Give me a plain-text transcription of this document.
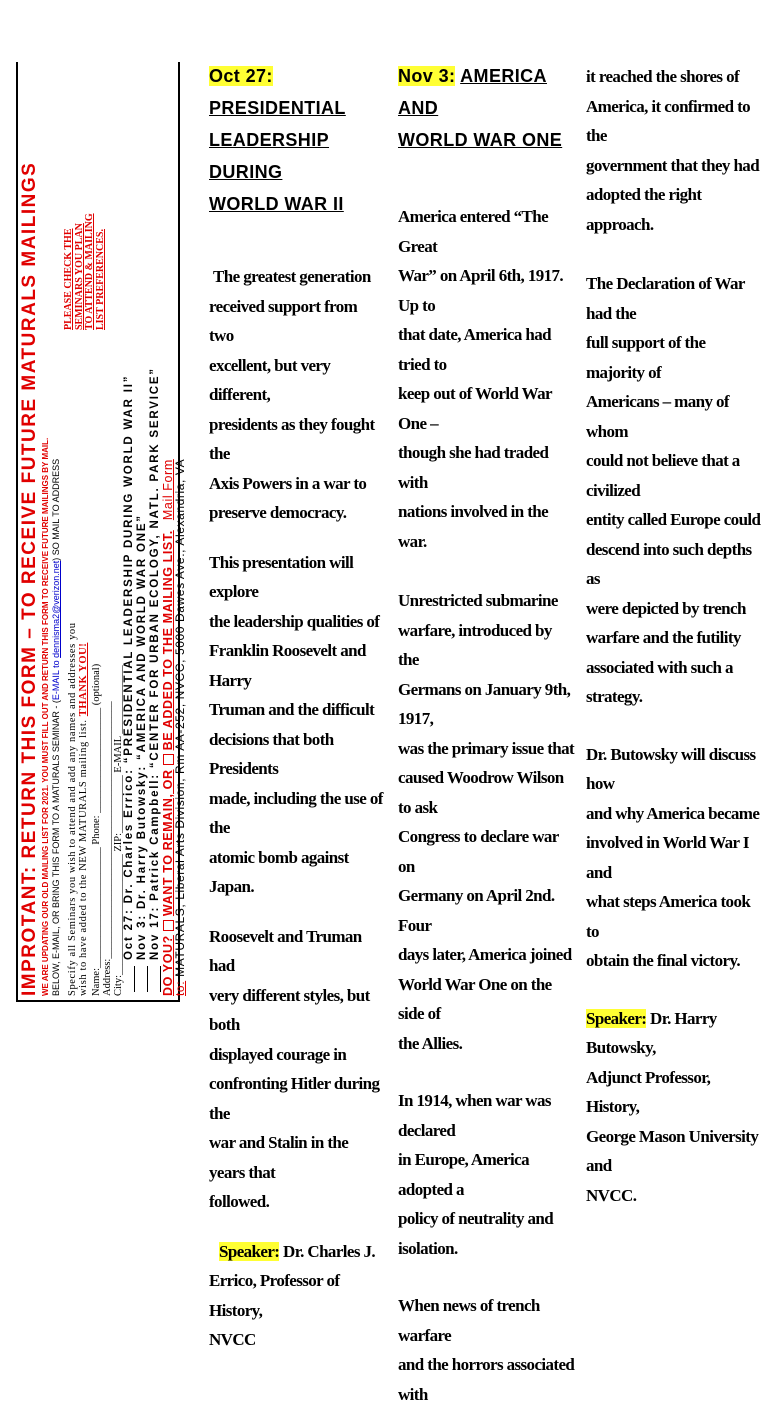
IMPROTANT: RETURN THIS FORM – TO RECEIVE FUTURE MATURALS MAILINGS WE ARE UPDATING OUR OLD MAILING LIST FOR 2021. YOU MUST FILL OUT AND RETURN THIS FORM TO RECEIVE FUTURE MAILINGS BY MAIL. BELOW, E-MAIL, OR BRING THIS FORM TO A MATURALS SEMINAR - (E-MAIL to dennisma2@verizon.net) SO MAIL TO ADDRESS
PLEASE CHECK THE SEMINARS YOU PLAN TO ATTEND & MAILING LIST PREFERENCES.
Specify all Seminars you wish to attend and add any names and addresses you wish to have added to the NEW MATURALS mailing list. THANK YOU!
Name:_______________________ Phone: ____________________ (optional) Address:_________________________________________________ City:_______________________ ZIP:___________ E-MAIL _____________ Oct 27: Dr. Charles Errico: “PRESIDENTIAL LEADERSHIP DURING WORLD WAR II” Nov 3: Dr. Harry Butowsky: “AMERICA AND WORLD WAR ONE” Nov 17: Patrick Campbell: “CENTER FOR URBAN ECOLOGY, NATL. PARK SERVICE”
DO YOU?WANT TO REMAIN, ORBE ADDED TO THE MAILING LIST. Mail Form
to: MATURALS, Liberal Arts Division, Rm AA-252, NVCC, 5000 Dawes Ave., Alexandria, VA
Oct 27: PRESIDENTIAL
LEADERSHIP DURING
WORLD WAR II

The greatest generation
received support from two
excellent, but very different,
presidents as they fought the
Axis Powers in a war to
preserve democracy.

This presentation will explore
the leadership qualities of
Franklin Roosevelt and Harry
Truman and the difficult
decisions that both Presidents
made, including the use of the
atomic bomb against Japan.

Roosevelt and Truman had
very different styles, but both
displayed courage in
confronting Hitler during the
war and Stalin in the years that
followed.

Speaker: Dr. Charles J.
Errico, Professor of History,
NVCC

Nov 3: AMERICA AND
WORLD WAR ONE

America entered “The Great
War” on April 6th, 1917. Up to
that date, America had tried to
keep out of World War One –
though she had traded with
nations involved in the war.

Unrestricted submarine
warfare, introduced by the
Germans on January 9th, 1917,
was the primary issue that
caused Woodrow Wilson to ask
Congress to declare war on
Germany on April 2nd. Four
days later, America joined
World War One on the side of
the Allies.

In 1914, when war was declared
in Europe, America adopted a
policy of neutrality and
isolation.

When news of trench warfare
and the horrors associated with

it reached the shores of
America, it confirmed to the
government that they had
adopted the right approach.

The Declaration of War had the
full support of the majority of
Americans – many of whom
could not believe that a civilized
entity called Europe could
descend into such depths as
were depicted by trench
warfare and the futility
associated with such a strategy.

Dr. Butowsky will discuss how
and why America became
involved in World War I and
what steps America took to
obtain the final victory.

Speaker: Dr. Harry Butowsky,
Adjunct Professor, History,
George Mason University and
NVCC.
